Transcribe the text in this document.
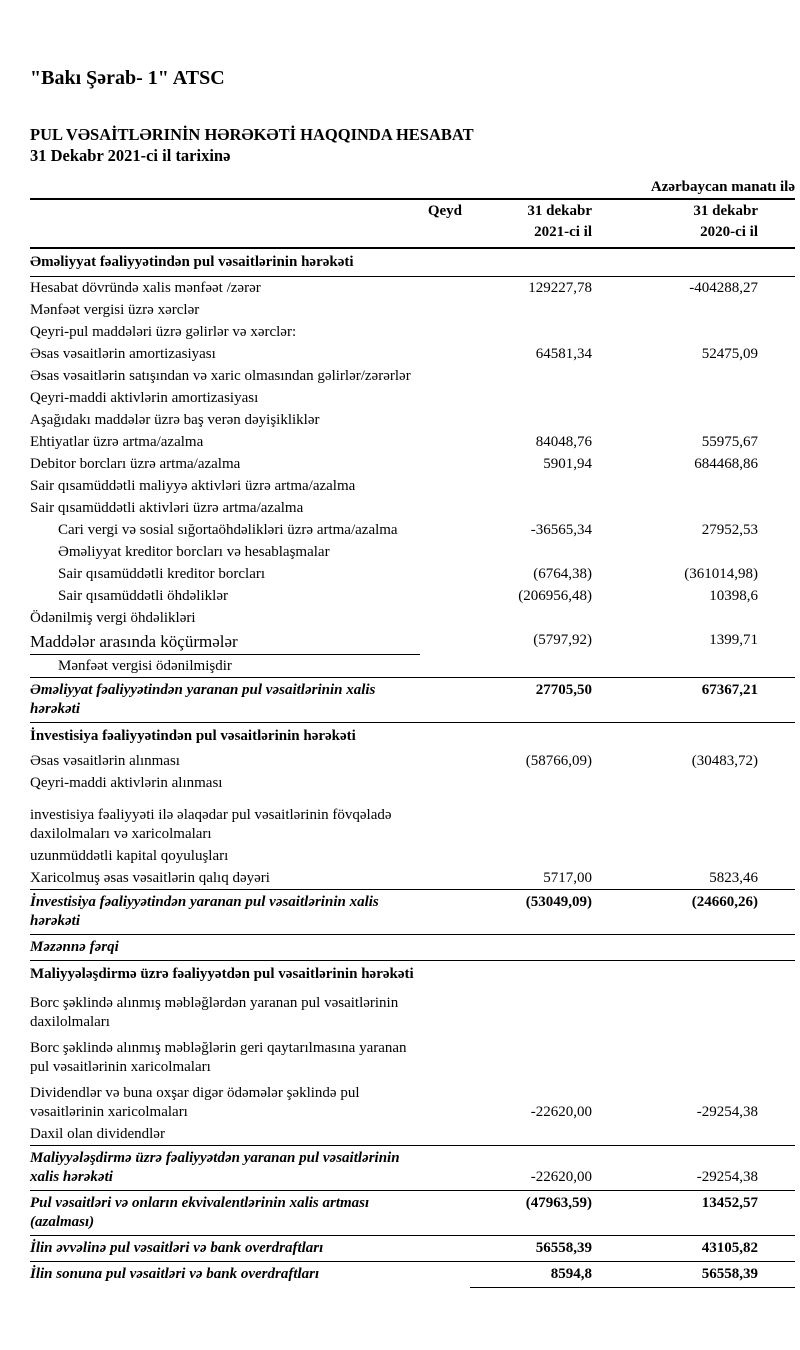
"Bakı Şərab- 1" ATSC
PUL VƏSAİTLƏRINİN HƏRƏKƏTİ HAQQINDA HESABAT
31 Dekabr 2021-ci il tarixinə
Azərbaycan manatı ilə
Qeyd	31 dekabr
2021-ci il
31 dekabr
2020-ci il
Əməliyyat fəaliyyətindən pul vəsaitlərinin hərəkəti
Hesabat dövründə xalis mənfəət /zərər	129227,78	-404288,27
Mənfəət vergisi üzrə xərclər
Qeyri-pul maddələri üzrə gəlirlər və xərclər:
Əsas vəsaitlərin amortizasiyası	64581,34	52475,09
Əsas vəsaitlərin satışından və xaric olmasından gəlirlər/zərərlər
Qeyri-maddi aktivlərin amortizasiyası
Aşağıdakı maddələr üzrə baş verən dəyişikliklər
Ehtiyatlar üzrə artma/azalma	84048,76	55975,67
Debitor borcları üzrə artma/azalma	5901,94	684468,86
Sair qısamüddətli maliyyə aktivləri üzrə artma/azalma
Sair qısamüddətli aktivləri üzrə artma/azalma
Cari vergi və sosial sığortaöhdəlikləri üzrə artma/azalma	-36565,34	27952,53
Əməliyyat kreditor borcları və hesablaşmalar
Sair qısamüddətli kreditor borcları	(6764,38)	(361014,98)
Sair qısamüddətli öhdəliklər	(206956,48)	10398,6
Ödənilmiş vergi öhdəlikləri
Maddələr arasında köçürmələr	(5797,92)	1399,71
Mənfəət vergisi ödənilmişdir
Əməliyyat fəaliyyətindən yaranan pul vəsaitlərinin xalis hərəkəti
27705,50	67367,21
İnvestisiya fəaliyyətindən pul vəsaitlərinin hərəkəti
Əsas vəsaitlərin alınması	(58766,09)	(30483,72)
Qeyri-maddi aktivlərin alınması
investisiya fəaliyyəti ilə əlaqədar pul vəsaitlərinin fövqəladə daxilolmaları və xaricolmaları
uzunmüddətli kapital qoyuluşları
Xaricolmuş əsas vəsaitlərin qalıq dəyəri	5717,00	5823,46
İnvestisiya fəaliyyətindən yaranan pul vəsaitlərinin xalis hərəkəti
(53049,09)	(24660,26)
Məzənnə fərqi
Maliyyələşdirmə üzrə fəaliyyətdən pul vəsaitlərinin hərəkəti
Borc şəklində alınmış məbləğlərdən yaranan pul vəsaitlərinin daxilolmaları
Borc şəklində alınmış məbləğlərin geri qaytarılmasına yaranan pul vəsaitlərinin xaricolmaları
Dividendlər və buna oxşar digər ödəmələr şəklində pul vəsaitlərinin xaricolmaları	-22620,00	-29254,38
Daxil olan dividendlər
Maliyyələşdirmə üzrə fəaliyyətdən yaranan pul vəsaitlərinin xalis hərəkəti	-22620,00	-29254,38
Pul vəsaitləri və onların ekvivalentlərinin xalis artması (azalması)
(47963,59)	13452,57
İlin əvvəlinə pul vəsaitləri və bank overdraftları	56558,39	43105,82
İlin sonuna pul vəsaitləri və bank overdraftları	8594,8	56558,39
